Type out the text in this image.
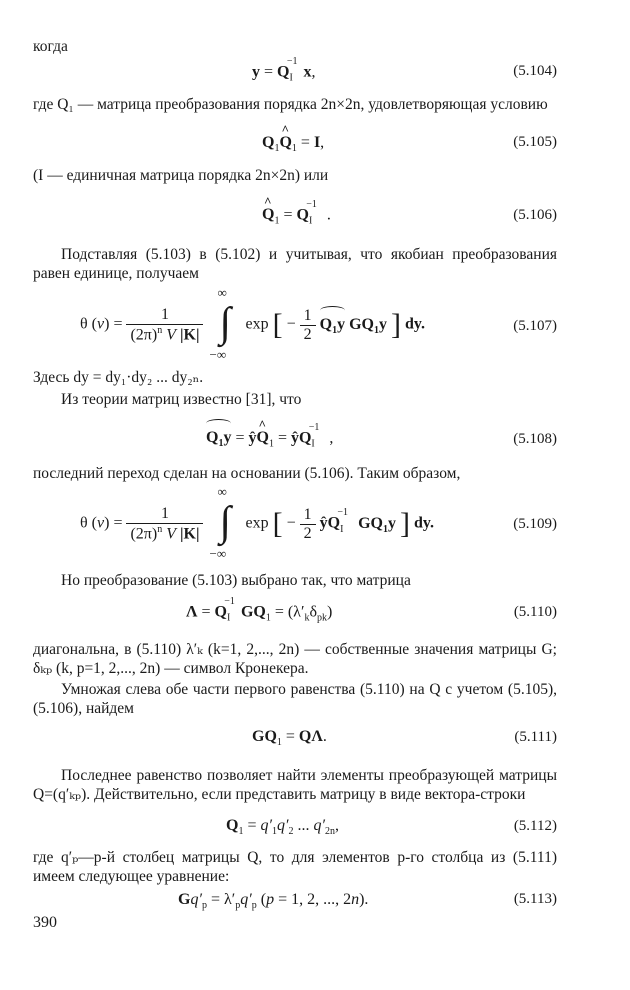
когда
$y = Q_I^{-1}x$,	(5.104)
где Q₁ — матрица преобразования порядка 2n×2n, удовлетворяющая условию
$Q_1$
^
$Q_1 = I$,	(5.105)
(I — единичная матрица порядка 2n×2n) или
^
$Q_1 = Q_I^{-1}$ .	(5.106)
Подставляя (5.103) в (5.102) и учитывая, что якобиан преобразования равен единице, получаем
θ $(v) = \frac{1}{(2\pi)^n V |K|}$

∞
∫
−∞
exp [ − $\frac{1}{2}$
$Q_1y$ $GQ_1y$ ] dy.	(5.107)
Здесь dy = dy₁·dy₂ ... dy₂ₙ.
Из теории матриц известно [31], что
$Q_1y$ = ŷ
^
$Q_1$ = $ŷQ_I^{-1}$ ,	(5.108)
последний переход сделан на основании (5.106). Таким образом,
θ $(v) = \frac{1}{(2\pi)^n V |K|}$

∞
∫
−∞
exp [ − $\frac{1}{2}$ $ŷQ_I^{-1}$ $GQ_1y$ ] dy.	(5.109)
Но преобразование (5.103) выбрано так, что матрица
$\Lambda = Q_I^{-1}GQ_1 = (\lambda'_k\delta_{pk})$	(5.110)
диагональна, в (5.110) λ′ₖ (k=1, 2,..., 2n) — собственные значения матрицы G; δₖₚ (k, p=1, 2,..., 2n) — символ Кронекера.
Умножая слева обе части первого равенства (5.110) на Q с учетом (5.105), (5.106), найдем
$GQ_1 = Q\Lambda$.	(5.111)
Последнее равенство позволяет найти элементы преобразующей матрицы Q=(q′ₖₚ). Действительно, если представить матрицу в виде вектора-строки
$Q_1 = q'_1q'_2$ ... $q'_{2n}$,	(5.112)
где q′ₚ—p-й столбец матрицы Q, то для элементов p-го столбца из (5.111) имеем следующее уравнение:
$Gq'_p = \lambda'_pq'_p$ (p = 1, 2, ..., 2n).	(5.113)
390
